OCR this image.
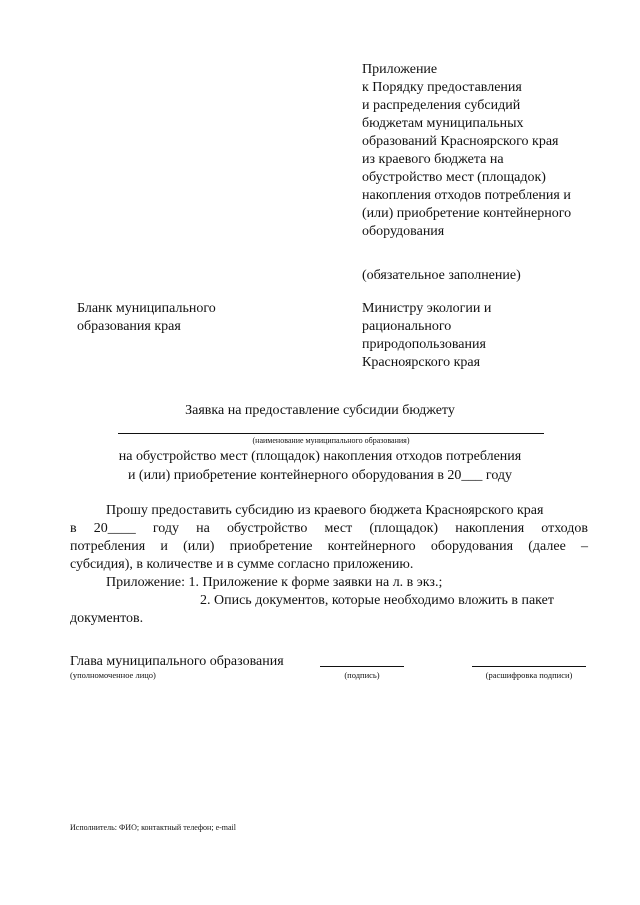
Приложение
к Порядку предоставления
и распределения субсидий
бюджетам муниципальных
образований Красноярского края
из краевого бюджета на
обустройство мест (площадок)
накопления отходов потребления и
(или) приобретение контейнерного
оборудования
(обязательное заполнение)
Бланк муниципального
образования края
Министру экологии и
рационального
природопользования
Красноярского края
Заявка на предоставление субсидии бюджету
(наименование муниципального образования)
на обустройство мест (площадок) накопления отходов потребления
и (или) приобретение контейнерного оборудования в 20___ году
Прошу предоставить субсидию из краевого бюджета Красноярского края
в 20____ году на обустройство мест (площадок) накопления отходов
потребления и (или) приобретение контейнерного оборудования (далее –
субсидия), в количестве и в сумме согласно приложению.
Приложение: 1. Приложение к форме заявки на л. в экз.;
2. Опись документов, которые необходимо вложить в пакет
документов.
Глава муниципального образования
(уполномоченное лицо)	(подпись)	(расшифровка подписи)
Исполнитель: ФИО; контактный телефон; e-mail
